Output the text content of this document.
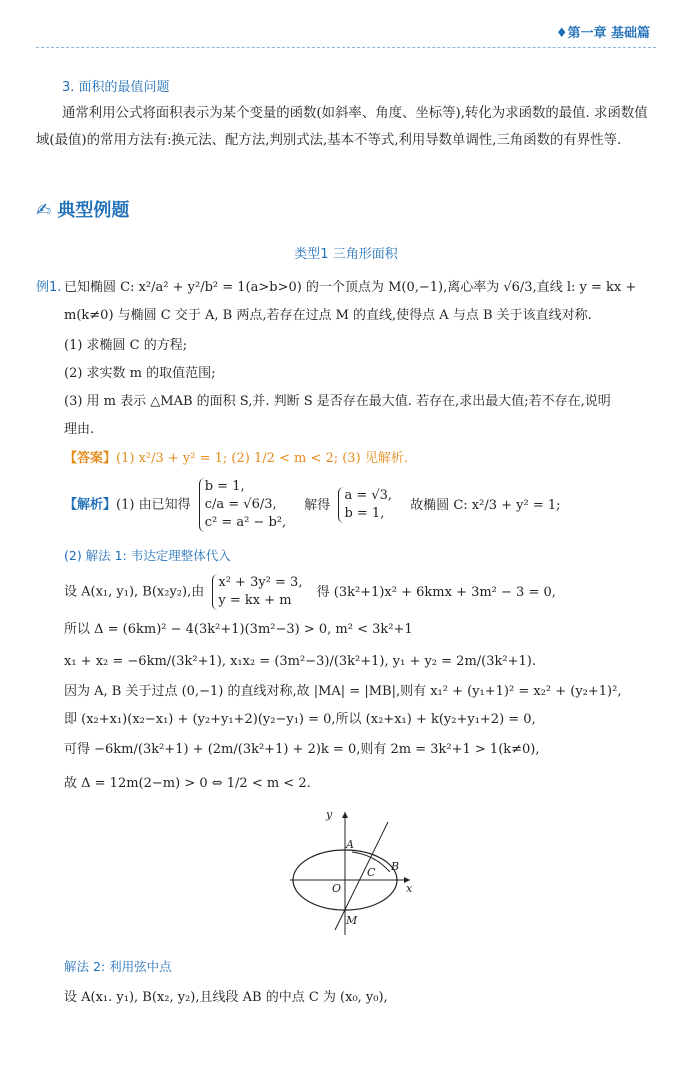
♦第一章 基础篇
3. 面积的最值问题
通常利用公式将面积表示为某个变量的函数(如斜率、角度、坐标等),转化为求函数的最值. 求函数值域(最值)的常用方法有:换元法、配方法,判别式法,基本不等式,利用导数单调性,三角函数的有界性等.
✍ 典型例题
类型1 三角形面积
例1. 已知椭圆 C: x²/a² + y²/b² = 1(a>b>0) 的一个顶点为 M(0,−1),离心率为 √6/3,直线 l: y = kx +
m(k≠0) 与椭圆 C 交于 A, B 两点,若存在过点 M 的直线,使得点 A 与点 B 关于该直线对称.
(1) 求椭圆 C 的方程;
(2) 求实数 m 的取值范围;
(3) 用 m 表示 △MAB 的面积 S,并. 判断 S 是否存在最大值. 若存在,求出最大值;若不存在,说明
理由.
【答案】(1) x²/3 + y² = 1; (2) 1/2 < m < 2; (3) 见解析.
【解析】(1) 由已知得
b = 1,
c/a = √6/3,
c² = a² − b²,
解得
a = √3,
b = 1,
故椭圆 C: x²/3 + y² = 1;
(2) 解法 1: 韦达定理整体代入
设 A(x₁, y₁), B(x₂y₂),由
x² + 3y² = 3,
y = kx + m
得 (3k²+1)x² + 6kmx + 3m² − 3 = 0,
所以 Δ = (6km)² − 4(3k²+1)(3m²−3) > 0, m² < 3k²+1
x₁ + x₂ = −6km/(3k²+1), x₁x₂ = (3m²−3)/(3k²+1), y₁ + y₂ = 2m/(3k²+1).
因为 A, B 关于过点 (0,−1) 的直线对称,故 |MA| = |MB|,则有 x₁² + (y₁+1)² = x₂² + (y₂+1)²,
即 (x₂+x₁)(x₂−x₁) + (y₂+y₁+2)(y₂−y₁) = 0,所以 (x₂+x₁) + k(y₂+y₁+2) = 0,
可得 −6km/(3k²+1) + (2m/(3k²+1) + 2)k = 0,则有 2m = 3k²+1 > 1(k≠0),
故 Δ = 12m(2−m) > 0 ⇔ 1/2 < m < 2.
y
x
O
A
B
C
M
解法 2: 利用弦中点
设 A(x₁. y₁), B(x₂, y₂),且线段 AB 的中点 C 为 (x₀, y₀),
